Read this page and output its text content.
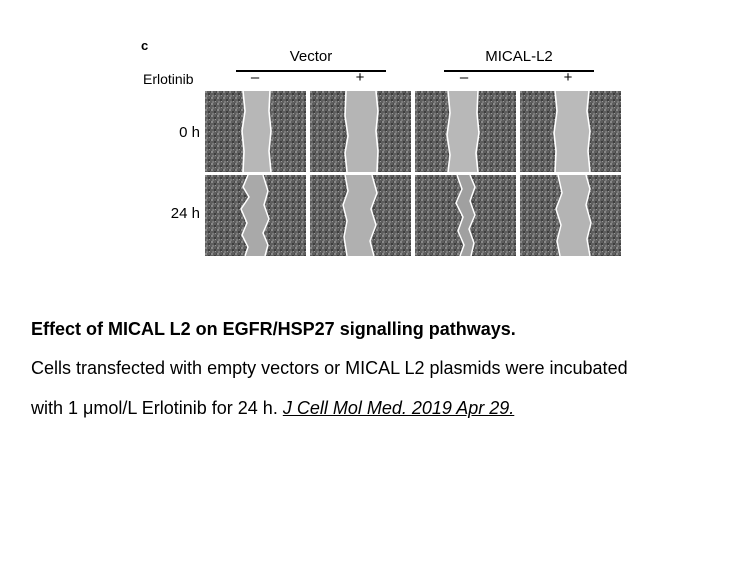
c
Vector	MICAL-L2
Erlotinib	–	+	–	+
0 h
24 h
Effect of MICAL L2 on EGFR/HSP27 signalling pathways.
Cells transfected with empty vectors or MICAL L2 plasmids were incubated
with 1 μmol/L Erlotinib for 24 h. J Cell Mol Med. 2019 Apr 29.
